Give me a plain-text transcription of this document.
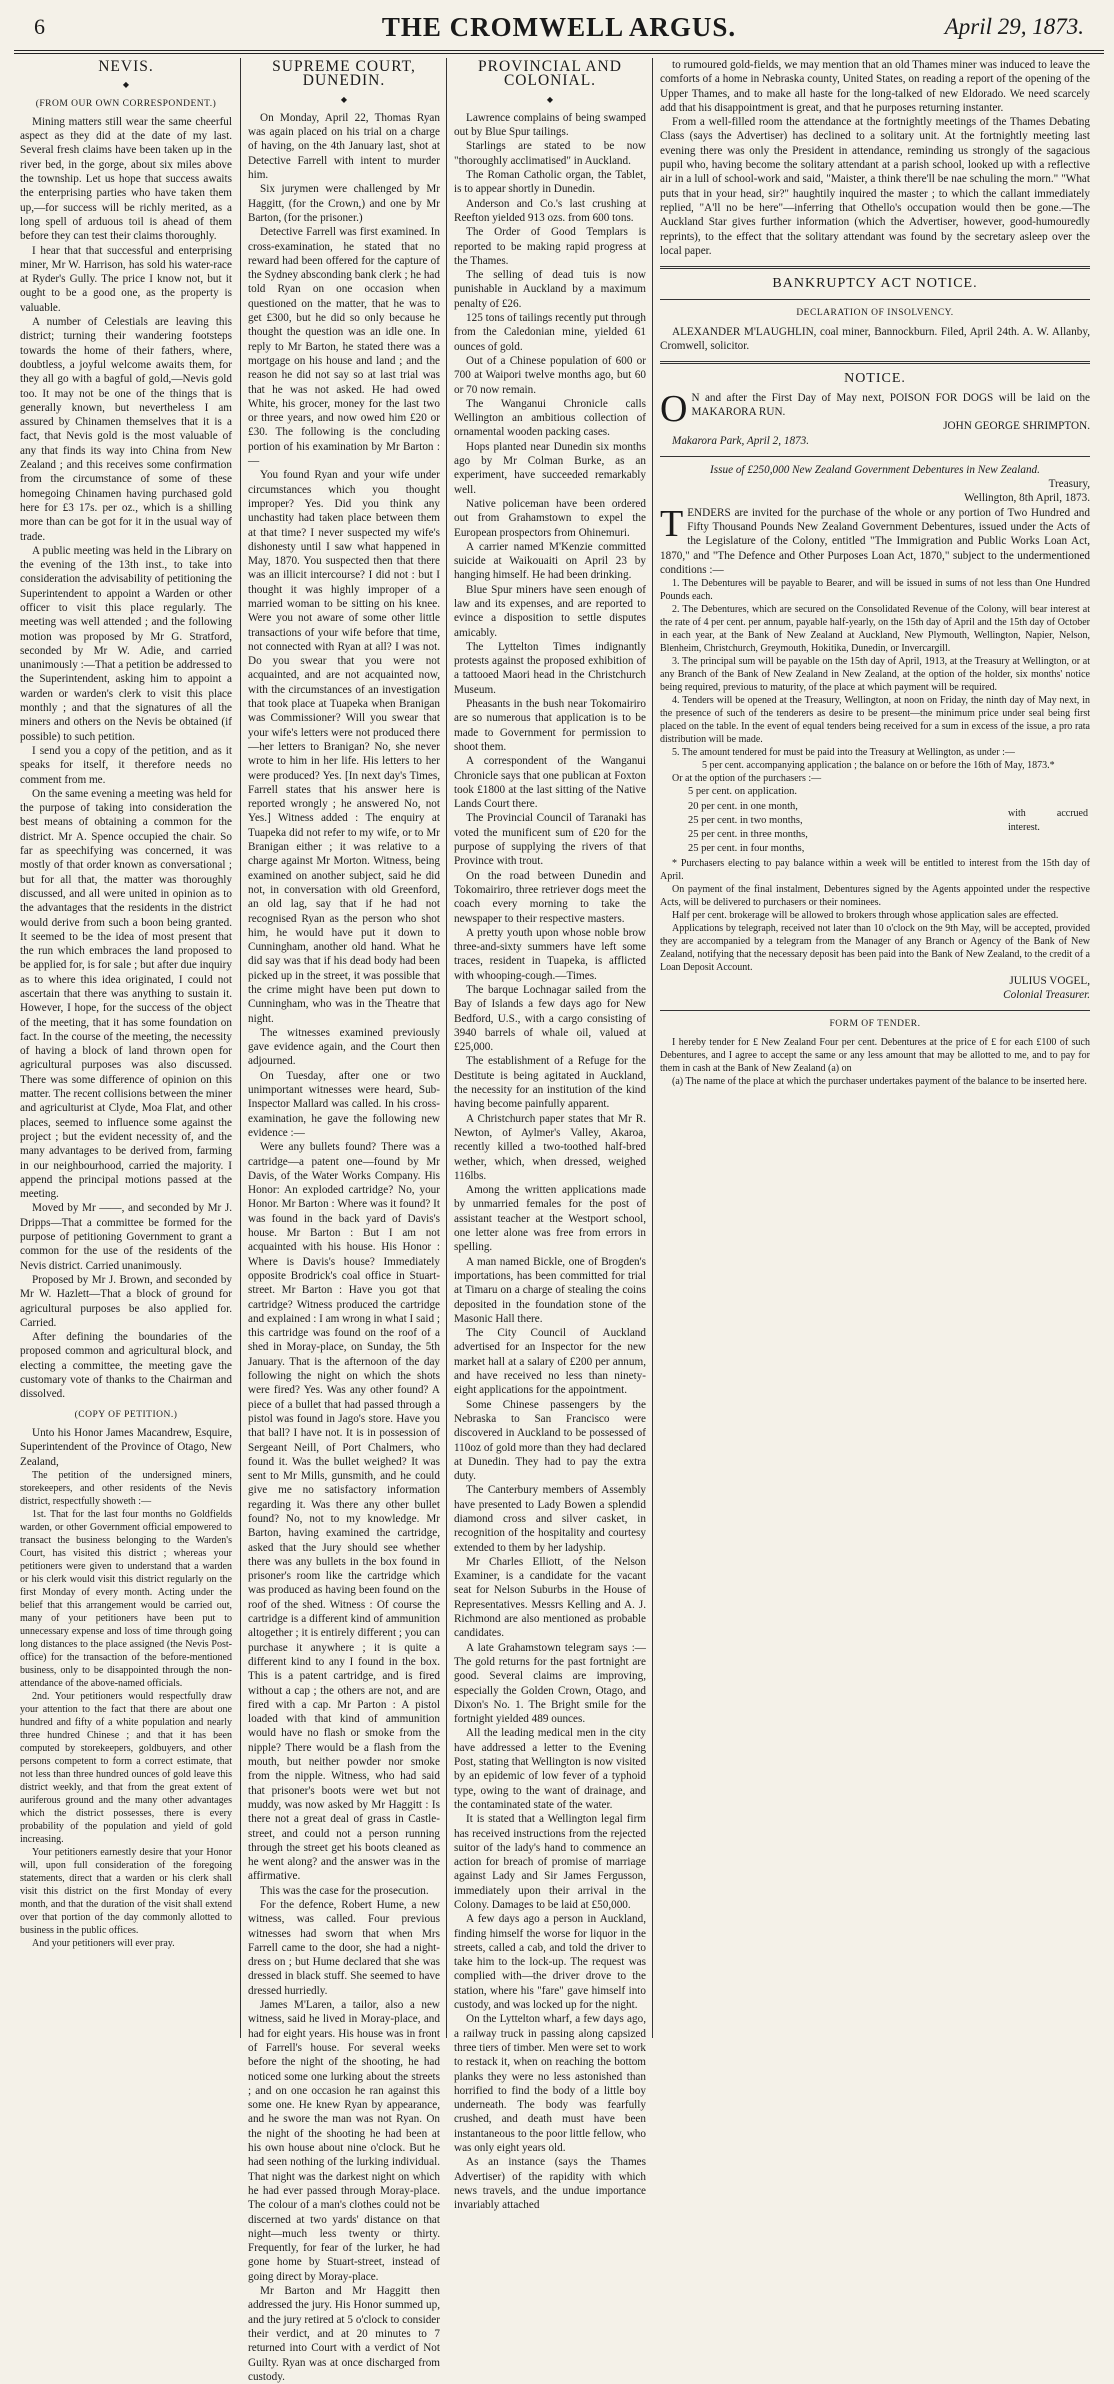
6	THE CROMWELL ARGUS.	April 29, 1873.
NEVIS.
◆
(FROM OUR OWN CORRESPONDENT.)

Mining matters still wear the same cheerful aspect as they did at the date of my last. Several fresh claims have been taken up in the river bed, in the gorge, about six miles above the township. Let us hope that success awaits the enterprising parties who have taken them up,—for success will be richly merited, as a long spell of arduous toil is ahead of them before they can test their claims thoroughly.

I hear that that successful and enterprising miner, Mr W. Harrison, has sold his water-race at Ryder's Gully. The price I know not, but it ought to be a good one, as the property is valuable.

A number of Celestials are leaving this district; turning their wandering footsteps towards the home of their fathers, where, doubtless, a joyful welcome awaits them, for they all go with a bagful of gold,—Nevis gold too. It may not be one of the things that is generally known, but nevertheless I am assured by Chinamen themselves that it is a fact, that Nevis gold is the most valuable of any that finds its way into China from New Zealand ; and this receives some confirmation from the circumstance of some of these homegoing Chinamen having purchased gold here for £3 17s. per oz., which is a shilling more than can be got for it in the usual way of trade.

A public meeting was held in the Library on the evening of the 13th inst., to take into consideration the advisability of petitioning the Superintendent to appoint a Warden or other officer to visit this place regularly. The meeting was well attended ; and the following motion was proposed by Mr G. Stratford, seconded by Mr W. Adie, and carried unanimously :—That a petition be addressed to the Superintendent, asking him to appoint a warden or warden's clerk to visit this place monthly ; and that the signatures of all the miners and others on the Nevis be obtained (if possible) to such petition.

I send you a copy of the petition, and as it speaks for itself, it therefore needs no comment from me.

On the same evening a meeting was held for the purpose of taking into consideration the best means of obtaining a common for the district. Mr A. Spence occupied the chair. So far as speechifying was concerned, it was mostly of that order known as conversational ; but for all that, the matter was thoroughly discussed, and all were united in opinion as to the advantages that the residents in the district would derive from such a boon being granted. It seemed to be the idea of most present that the run which embraces the land proposed to be applied for, is for sale ; but after due inquiry as to where this idea originated, I could not ascertain that there was anything to sustain it. However, I hope, for the success of the object of the meeting, that it has some foundation on fact. In the course of the meeting, the necessity of having a block of land thrown open for agricultural purposes was also discussed. There was some difference of opinion on this matter. The recent collisions between the miner and agriculturist at Clyde, Moa Flat, and other places, seemed to influence some against the project ; but the evident necessity of, and the many advantages to be derived from, farming in our neighbourhood, carried the majority. I append the principal motions passed at the meeting.

Moved by Mr ——, and seconded by Mr J. Dripps—That a committee be formed for the purpose of petitioning Government to grant a common for the use of the residents of the Nevis district. Carried unanimously.

Proposed by Mr J. Brown, and seconded by Mr W. Hazlett—That a block of ground for agricultural purposes be also applied for. Carried.

After defining the boundaries of the proposed common and agricultural block, and electing a committee, the meeting gave the customary vote of thanks to the Chairman and dissolved.

(COPY OF PETITION.)

Unto his Honor James Macandrew, Esquire, Superintendent of the Province of Otago, New Zealand,

The petition of the undersigned miners, storekeepers, and other residents of the Nevis district, respectfully showeth :—

1st. That for the last four months no Goldfields warden, or other Government official empowered to transact the business belonging to the Warden's Court, has visited this district ; whereas your petitioners were given to understand that a warden or his clerk would visit this district regularly on the first Monday of every month. Acting under the belief that this arrangement would be carried out, many of your petitioners have been put to unnecessary expense and loss of time through going long distances to the place assigned (the Nevis Post-office) for the transaction of the before-mentioned business, only to be disappointed through the non-attendance of the above-named officials.

2nd. Your petitioners would respectfully draw your attention to the fact that there are about one hundred and fifty of a white population and nearly three hundred Chinese ; and that it has been computed by storekeepers, goldbuyers, and other persons competent to form a correct estimate, that not less than three hundred ounces of gold leave this district weekly, and that from the great extent of auriferous ground and the many other advantages which the district possesses, there is every probability of the population and yield of gold increasing.

Your petitioners earnestly desire that your Honor will, upon full consideration of the foregoing statements, direct that a warden or his clerk shall visit this district on the first Monday of every month, and that the duration of the visit shall extend over that portion of the day commonly allotted to business in the public offices.

And your petitioners will ever pray.

SUPREME COURT, DUNEDIN.
◆

On Monday, April 22, Thomas Ryan was again placed on his trial on a charge of having, on the 4th January last, shot at Detective Farrell with intent to murder him.

Six jurymen were challenged by Mr Haggitt, (for the Crown,) and one by Mr Barton, (for the prisoner.)

Detective Farrell was first examined. In cross-examination, he stated that no reward had been offered for the capture of the Sydney absconding bank clerk ; he had told Ryan on one occasion when questioned on the matter, that he was to get £300, but he did so only because he thought the question was an idle one. In reply to Mr Barton, he stated there was a mortgage on his house and land ; and the reason he did not say so at last trial was that he was not asked. He had owed White, his grocer, money for the last two or three years, and now owed him £20 or £30. The following is the concluding portion of his examination by Mr Barton :—

You found Ryan and your wife under circumstances which you thought improper? Yes. Did you think any unchastity had taken place between them at that time? I never suspected my wife's dishonesty until I saw what happened in May, 1870. You suspected then that there was an illicit intercourse? I did not : but I thought it was highly improper of a married woman to be sitting on his knee. Were you not aware of some other little transactions of your wife before that time, not connected with Ryan at all? I was not. Do you swear that you were not acquainted, and are not acquainted now, with the circumstances of an investigation that took place at Tuapeka when Branigan was Commissioner? Will you swear that your wife's letters were not produced there—her letters to Branigan? No, she never wrote to him in her life. His letters to her were produced? Yes. [In next day's Times, Farrell states that his answer here is reported wrongly ; he answered No, not Yes.] Witness added : The enquiry at Tuapeka did not refer to my wife, or to Mr Branigan either ; it was relative to a charge against Mr Morton. Witness, being examined on another subject, said he did not, in conversation with old Greenford, an old lag, say that if he had not recognised Ryan as the person who shot him, he would have put it down to Cunningham, another old hand. What he did say was that if his dead body had been picked up in the street, it was possible that the crime might have been put down to Cunningham, who was in the Theatre that night.

The witnesses examined previously gave evidence again, and the Court then adjourned.

On Tuesday, after one or two unimportant witnesses were heard, Sub-Inspector Mallard was called. In his cross-examination, he gave the following new evidence :—

Were any bullets found? There was a cartridge—a patent one—found by Mr Davis, of the Water Works Company. His Honor: An exploded cartridge? No, your Honor. Mr Barton : Where was it found? It was found in the back yard of Davis's house. Mr Barton : But I am not acquainted with his house. His Honor : Where is Davis's house? Immediately opposite Brodrick's coal office in Stuart-street. Mr Barton : Have you got that cartridge? Witness produced the cartridge and explained : I am wrong in what I said ; this cartridge was found on the roof of a shed in Moray-place, on Sunday, the 5th January. That is the afternoon of the day following the night on which the shots were fired? Yes. Was any other found? A piece of a bullet that had passed through a pistol was found in Jago's store. Have you that ball? I have not. It is in possession of Sergeant Neill, of Port Chalmers, who found it. Was the bullet weighed? It was sent to Mr Mills, gunsmith, and he could give me no satisfactory information regarding it. Was there any other bullet found? No, not to my knowledge. Mr Barton, having examined the cartridge, asked that the Jury should see whether there was any bullets in the box found in prisoner's room like the cartridge which was produced as having been found on the roof of the shed. Witness : Of course the cartridge is a different kind of ammunition altogether ; it is entirely different ; you can purchase it anywhere ; it is quite a different kind to any I found in the box. This is a patent cartridge, and is fired without a cap ; the others are not, and are fired with a cap. Mr Parton : A pistol loaded with that kind of ammunition would have no flash or smoke from the nipple? There would be a flash from the mouth, but neither powder nor smoke from the nipple. Witness, who had said that prisoner's boots were wet but not muddy, was now asked by Mr Haggitt : Is there not a great deal of grass in Castle-street, and could not a person running through the street get his boots cleaned as he went along? and the answer was in the affirmative.

This was the case for the prosecution.

For the defence, Robert Hume, a new witness, was called. Four previous witnesses had sworn that when Mrs Farrell came to the door, she had a night-dress on ; but Hume declared that she was dressed in black stuff. She seemed to have dressed hurriedly.

James M'Laren, a tailor, also a new witness, said he lived in Moray-place, and had for eight years. His house was in front of Farrell's house. For several weeks before the night of the shooting, he had noticed some one lurking about the streets ; and on one occasion he ran against this some one. He knew Ryan by appearance, and he swore the man was not Ryan. On the night of the shooting he had been at his own house about nine o'clock. But he had seen nothing of the lurking individual. That night was the darkest night on which he had ever passed through Moray-place. The colour of a man's clothes could not be discerned at two yards' distance on that night—much less twenty or thirty. Frequently, for fear of the lurker, he had gone home by Stuart-street, instead of going direct by Moray-place.

Mr Barton and Mr Haggitt then addressed the jury. His Honor summed up, and the jury retired at 5 o'clock to consider their verdict, and at 20 minutes to 7 returned into Court with a verdict of Not Guilty. Ryan was at once discharged from custody.

PROVINCIAL AND COLONIAL.
◆

Lawrence complains of being swamped out by Blue Spur tailings.

Starlings are stated to be now "thoroughly acclimatised" in Auckland.

The Roman Catholic organ, the Tablet, is to appear shortly in Dunedin.

Anderson and Co.'s last crushing at Reefton yielded 913 ozs. from 600 tons.

The Order of Good Templars is reported to be making rapid progress at the Thames.

The selling of dead tuis is now punishable in Auckland by a maximum penalty of £26.

125 tons of tailings recently put through from the Caledonian mine, yielded 61 ounces of gold.

Out of a Chinese population of 600 or 700 at Waipori twelve months ago, but 60 or 70 now remain.

The Wanganui Chronicle calls Wellington an ambitious collection of ornamental wooden packing cases.

Hops planted near Dunedin six months ago by Mr Colman Burke, as an experiment, have succeeded remarkably well.

Native policeman have been ordered out from Grahamstown to expel the European prospectors from Ohinemuri.

A carrier named M'Kenzie committed suicide at Waikouaiti on April 23 by hanging himself. He had been drinking.

Blue Spur miners have seen enough of law and its expenses, and are reported to evince a disposition to settle disputes amicably.

The Lyttelton Times indignantly protests against the proposed exhibition of a tattooed Maori head in the Christchurch Museum.

Pheasants in the bush near Tokomairiro are so numerous that application is to be made to Government for permission to shoot them.

A correspondent of the Wanganui Chronicle says that one publican at Foxton took £1800 at the last sitting of the Native Lands Court there.

The Provincial Council of Taranaki has voted the munificent sum of £20 for the purpose of supplying the rivers of that Province with trout.

On the road between Dunedin and Tokomairiro, three retriever dogs meet the coach every morning to take the newspaper to their respective masters.

A pretty youth upon whose noble brow three-and-sixty summers have left some traces, resident in Tuapeka, is afflicted with whooping-cough.—Times.

The barque Lochnagar sailed from the Bay of Islands a few days ago for New Bedford, U.S., with a cargo consisting of 3940 barrels of whale oil, valued at £25,000.

The establishment of a Refuge for the Destitute is being agitated in Auckland, the necessity for an institution of the kind having become painfully apparent.

A Christchurch paper states that Mr R. Newton, of Aylmer's Valley, Akaroa, recently killed a two-toothed half-bred wether, which, when dressed, weighed 116lbs.

Among the written applications made by unmarried females for the post of assistant teacher at the Westport school, one letter alone was free from errors in spelling.

A man named Bickle, one of Brogden's importations, has been committed for trial at Timaru on a charge of stealing the coins deposited in the foundation stone of the Masonic Hall there.

The City Council of Auckland advertised for an Inspector for the new market hall at a salary of £200 per annum, and have received no less than ninety-eight applications for the appointment.

Some Chinese passengers by the Nebraska to San Francisco were discovered in Auckland to be possessed of 110oz of gold more than they had declared at Dunedin. They had to pay the extra duty.

The Canterbury members of Assembly have presented to Lady Bowen a splendid diamond cross and silver casket, in recognition of the hospitality and courtesy extended to them by her ladyship.

Mr Charles Elliott, of the Nelson Examiner, is a candidate for the vacant seat for Nelson Suburbs in the House of Representatives. Messrs Kelling and A. J. Richmond are also mentioned as probable candidates.

A late Grahamstown telegram says :—The gold returns for the past fortnight are good. Several claims are improving, especially the Golden Crown, Otago, and Dixon's No. 1. The Bright smile for the fortnight yielded 489 ounces.

All the leading medical men in the city have addressed a letter to the Evening Post, stating that Wellington is now visited by an epidemic of low fever of a typhoid type, owing to the want of drainage, and the contaminated state of the water.

It is stated that a Wellington legal firm has received instructions from the rejected suitor of the lady's hand to commence an action for breach of promise of marriage against Lady and Sir James Fergusson, immediately upon their arrival in the Colony. Damages to be laid at £50,000.

A few days ago a person in Auckland, finding himself the worse for liquor in the streets, called a cab, and told the driver to take him to the lock-up. The request was complied with—the driver drove to the station, where his "fare" gave himself into custody, and was locked up for the night.

On the Lyttelton wharf, a few days ago, a railway truck in passing along capsized three tiers of timber. Men were set to work to restack it, when on reaching the bottom planks they were no less astonished than horrified to find the body of a little boy underneath. The body was fearfully crushed, and death must have been instantaneous to the poor little fellow, who was only eight years old.

As an instance (says the Thames Advertiser) of the rapidity with which news travels, and the undue importance invariably attached

to rumoured gold-fields, we may mention that an old Thames miner was induced to leave the comforts of a home in Nebraska county, United States, on reading a report of the opening of the Upper Thames, and to make all haste for the long-talked of new Eldorado. We need scarcely add that his disappointment is great, and that he purposes returning instanter.

From a well-filled room the attendance at the fortnightly meetings of the Thames Debating Class (says the Advertiser) has declined to a solitary unit. At the fortnightly meeting last evening there was only the President in attendance, reminding us strongly of the sagacious pupil who, having become the solitary attendant at a parish school, looked up with a reflective air in a lull of school-work and said, "Maister, a think there'll be nae schuling the morn." "What puts that in your head, sir?" haughtily inquired the master ; to which the callant immediately replied, "A'll no be here"—inferring that Othello's occupation would then be gone.—The Auckland Star gives further information (which the Advertiser, however, good-humouredly reprints), to the effect that the solitary attendant was found by the secretary asleep over the local paper.

BANKRUPTCY ACT NOTICE.
DECLARATION OF INSOLVENCY.

ALEXANDER M'LAUGHLIN, coal miner, Bannockburn. Filed, April 24th. A. W. Allanby, Cromwell, solicitor.

NOTICE.

O N and after the First Day of May next, POISON FOR DOGS will be laid on the MAKARORA RUN.

JOHN GEORGE SHRIMPTON.

Makarora Park, April 2, 1873.

Issue of £250,000 New Zealand Government Debentures in New Zealand.

Treasury,

Wellington, 8th April, 1873.

TENDERS are invited for the purchase of the whole or any portion of Two Hundred and Fifty Thousand Pounds New Zealand Government Debentures, issued under the Acts of the Legislature of the Colony, entitled "The Immigration and Public Works Loan Act, 1870," and "The Defence and Other Purposes Loan Act, 1870," subject to the undermentioned conditions :—

1. The Debentures will be payable to Bearer, and will be issued in sums of not less than One Hundred Pounds each.

2. The Debentures, which are secured on the Consolidated Revenue of the Colony, will bear interest at the rate of 4 per cent. per annum, payable half-yearly, on the 15th day of April and the 15th day of October in each year, at the Bank of New Zealand at Auckland, New Plymouth, Wellington, Napier, Nelson, Blenheim, Christchurch, Greymouth, Hokitika, Dunedin, or Invercargill.

3. The principal sum will be payable on the 15th day of April, 1913, at the Treasury at Wellington, or at any Branch of the Bank of New Zealand in New Zealand, at the option of the holder, six months' notice being required, previous to maturity, of the place at which payment will be required.

4. Tenders will be opened at the Treasury, Wellington, at noon on Friday, the ninth day of May next, in the presence of such of the tenderers as desire to be present—the minimum price under seal being first placed on the table. In the event of equal tenders being received for a sum in excess of the issue, a pro rata distribution will be made.

5. The amount tendered for must be paid into the Treasury at Wellington, as under :—

5 per cent. accompanying application ; the balance on or before the 16th of May, 1873.*

Or at the option of the purchasers :—

5 per cent. on application.
20 per cent. in one month,
25 per cent. in two months,
25 per cent. in three months,
25 per cent. in four months,
	with accrued interest.

* Purchasers electing to pay balance within a week will be entitled to interest from the 15th day of April.

On payment of the final instalment, Debentures signed by the Agents appointed under the respective Acts, will be delivered to purchasers or their nominees.

Half per cent. brokerage will be allowed to brokers through whose application sales are effected.

Applications by telegraph, received not later than 10 o'clock on the 9th May, will be accepted, provided they are accompanied by a telegram from the Manager of any Branch or Agency of the Bank of New Zealand, notifying that the necessary deposit has been paid into the Bank of New Zealand, to the credit of a Loan Deposit Account.

JULIUS VOGEL,

Colonial Treasurer.

FORM OF TENDER.

I hereby tender for £ New Zealand Four per cent. Debentures at the price of £ for each £100 of such Debentures, and I agree to accept the same or any less amount that may be allotted to me, and to pay for them in cash at the Bank of New Zealand (a) on

(a) The name of the place at which the purchaser undertakes payment of the balance to be inserted here.
